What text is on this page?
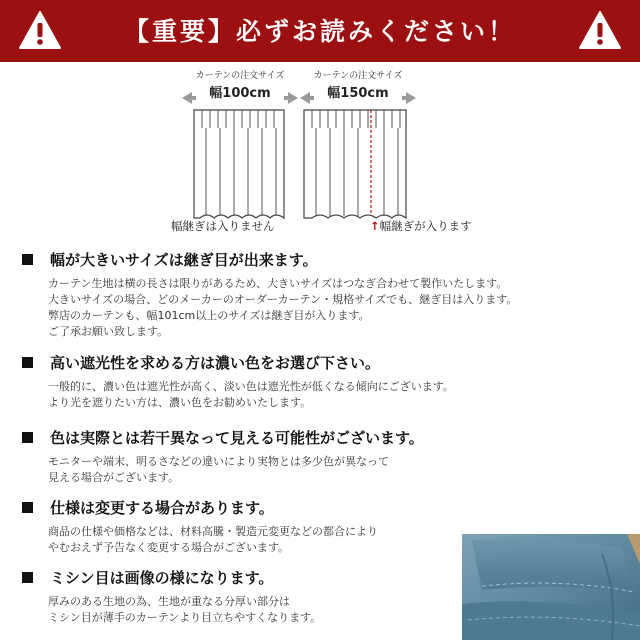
【重要】必ずお読みください！
カーテンの注文サイズ
幅100cm
幅継ぎは入りません
カーテンの注文サイズ
幅150cm
↑幅継ぎが入ります
幅が大きいサイズは継ぎ目が出来ます。
カーテン生地は横の長さは限りがあるため、大きいサイズはつなぎ合わせて製作いたします。
大きいサイズの場合、どのメーカーのオーダーカーテン・規格サイズでも、継ぎ目は入ります。
弊店のカーテンも、幅101cm以上のサイズは継ぎ目が入ります。
ご了承お願い致します。
高い遮光性を求める方は濃い色をお選び下さい。
一般的に、濃い色は遮光性が高く、淡い色は遮光性が低くなる傾向にございます。
より光を遮りたい方は、濃い色をお勧めいたします。
色は実際とは若干異なって見える可能性がございます。
モニターや端末、明るさなどの違いにより実物とは多少色が異なって
見える場合がございます。
仕様は変更する場合があります。
商品の仕様や価格などは、材料高騰・製造元変更などの都合により
やむおえず予告なく変更する場合がございます。
ミシン目は画像の様になります。
厚みのある生地の為、生地が重なる分厚い部分は
ミシン目が薄手のカーテンより目立ちやすくなります。
